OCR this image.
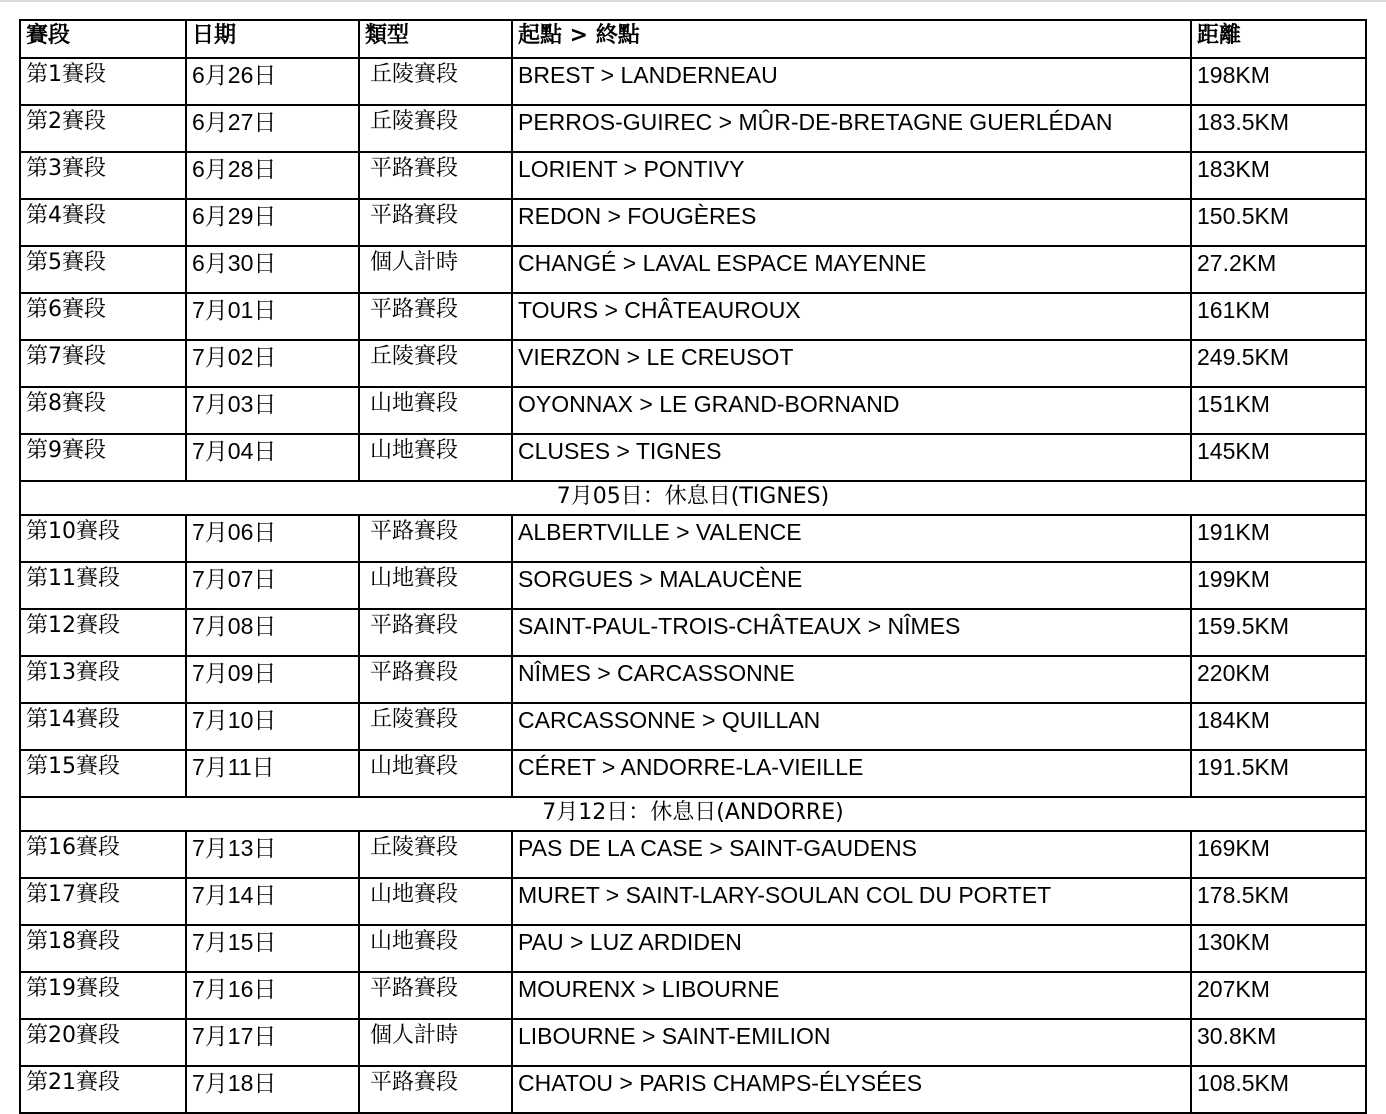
賽段	日期	類型	起點 > 終點	距離
第1賽段	6月26日	丘陵賽段	BREST > LANDERNEAU	198KM
第2賽段	6月27日	丘陵賽段	PERROS-GUIREC > MÛR-DE-BRETAGNE GUERLÉDAN	183.5KM
第3賽段	6月28日	平路賽段	LORIENT > PONTIVY	183KM
第4賽段	6月29日	平路賽段	REDON > FOUGÈRES	150.5KM
第5賽段	6月30日	個人計時	CHANGÉ > LAVAL ESPACE MAYENNE	27.2KM
第6賽段	7月01日	平路賽段	TOURS > CHÂTEAUROUX	161KM
第7賽段	7月02日	丘陵賽段	VIERZON > LE CREUSOT	249.5KM
第8賽段	7月03日	山地賽段	OYONNAX > LE GRAND-BORNAND	151KM
第9賽段	7月04日	山地賽段	CLUSES > TIGNES	145KM
7月05日：休息日(TIGNES)				
第10賽段	7月06日	平路賽段	ALBERTVILLE > VALENCE	191KM
第11賽段	7月07日	山地賽段	SORGUES > MALAUCÈNE	199KM
第12賽段	7月08日	平路賽段	SAINT-PAUL-TROIS-CHÂTEAUX > NÎMES	159.5KM
第13賽段	7月09日	平路賽段	NÎMES > CARCASSONNE	220KM
第14賽段	7月10日	丘陵賽段	CARCASSONNE > QUILLAN	184KM
第15賽段	7月11日	山地賽段	CÉRET > ANDORRE-LA-VIEILLE	191.5KM
7月12日：休息日(ANDORRE)				
第16賽段	7月13日	丘陵賽段	PAS DE LA CASE > SAINT-GAUDENS	169KM
第17賽段	7月14日	山地賽段	MURET > SAINT-LARY-SOULAN COL DU PORTET	178.5KM
第18賽段	7月15日	山地賽段	PAU > LUZ ARDIDEN	130KM
第19賽段	7月16日	平路賽段	MOURENX > LIBOURNE	207KM
第20賽段	7月17日	個人計時	LIBOURNE > SAINT-EMILION	30.8KM
第21賽段	7月18日	平路賽段	CHATOU > PARIS CHAMPS-ÉLYSÉES	108.5KM
